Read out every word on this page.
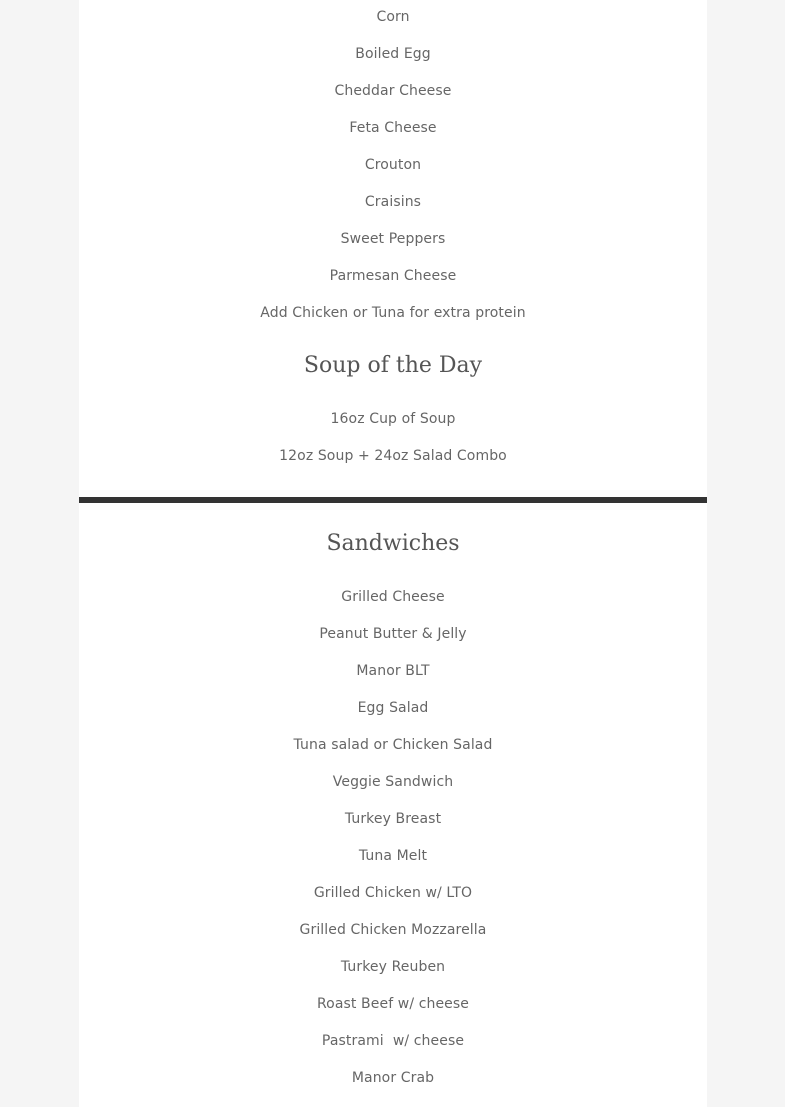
Corn
Boiled Egg
Cheddar Cheese
Feta Cheese
Crouton
Craisins
Sweet Peppers
Parmesan Cheese
Add Chicken or Tuna for extra protein
Soup of the Day
16oz Cup of Soup
12oz Soup + 24oz Salad Combo
Sandwiches
Grilled Cheese
Peanut Butter & Jelly
Manor BLT
Egg Salad
Tuna salad or Chicken Salad
Veggie Sandwich
Turkey Breast
Tuna Melt
Grilled Chicken w/ LTO
Grilled Chicken Mozzarella
Turkey Reuben
Roast Beef w/ cheese
Pastrami  w/ cheese
Manor Crab
